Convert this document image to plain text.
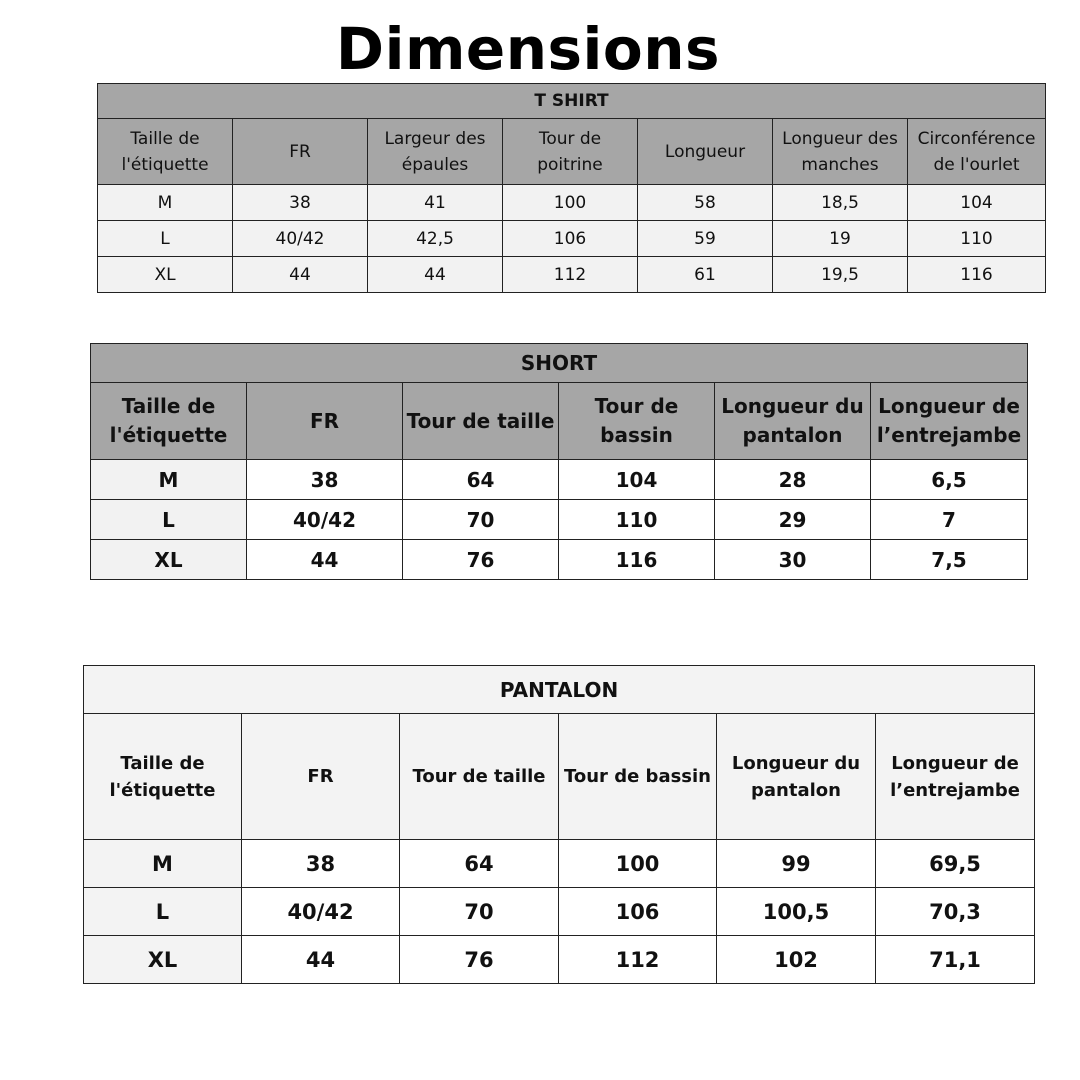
Dimensions
T SHIRT						
Taille de l'étiquette	FR	Largeur des épaules	Tour de poitrine	Longueur	Longueur des manches	Circonférence de l'ourlet
M	38	41	100	58	18,5	104
L	40/42	42,5	106	59	19	110
XL	44	44	112	61	19,5	116
SHORT					
Taille de l'étiquette	FR	Tour de taille	Tour de bassin	Longueur du pantalon	Longueur de l’entrejambe
M	38	64	104	28	6,5
L	40/42	70	110	29	7
XL	44	76	116	30	7,5
PANTALON					
Taille de l'étiquette	FR	Tour de taille	Tour de bassin	Longueur du pantalon	Longueur de l’entrejambe
M	38	64	100	99	69,5
L	40/42	70	106	100,5	70,3
XL	44	76	112	102	71,1
